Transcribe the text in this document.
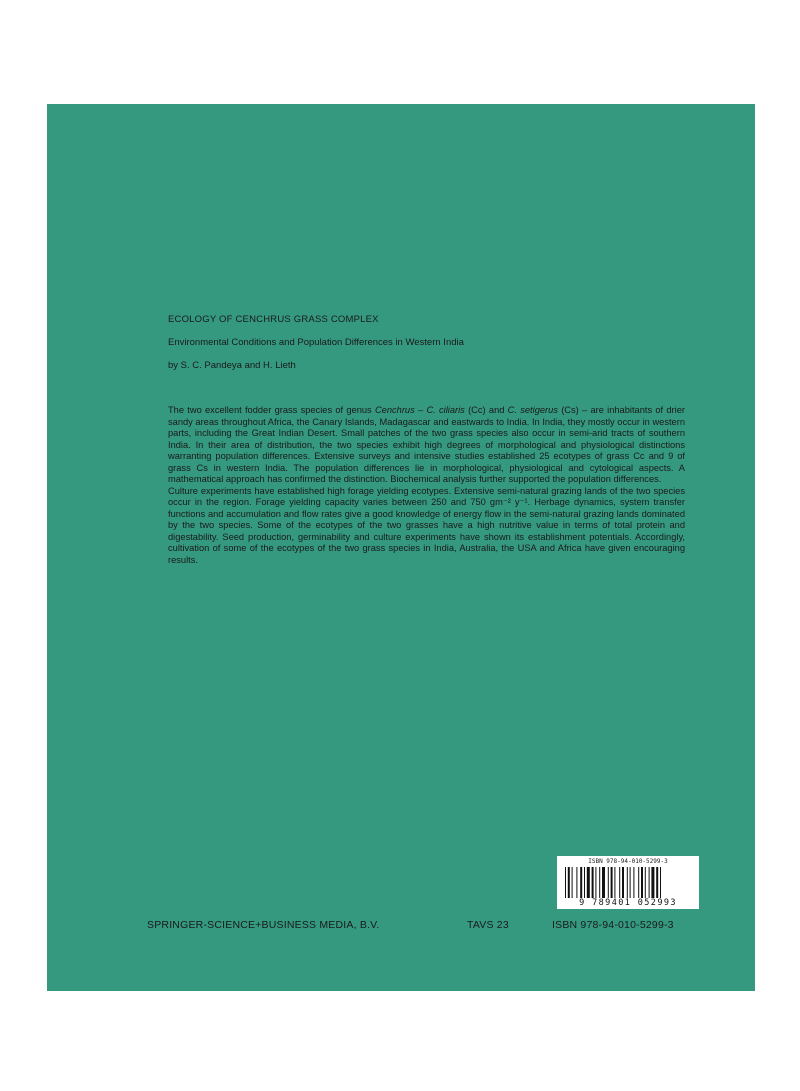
ECOLOGY OF CENCHRUS GRASS COMPLEX
Environmental Conditions and Population Differences in Western India
by S. C. Pandeya and H. Lieth

The two excellent fodder grass species of genus Cenchrus – C. ciliaris (Cc) and C. setigerus (Cs) – are inhabitants of drier sandy areas throughout Africa, the Canary Islands, Madagascar and eastwards to India. In India, they mostly occur in western parts, including the Great Indian Desert. Small patches of the two grass species also occur in semi-arid tracts of southern India. In their area of distribution, the two species exhibit high degrees of morphological and physiological distinctions warranting population differences. Extensive surveys and intensive studies established 25 ecotypes of grass Cc and 9 of grass Cs in western India. The population differences lie in morphological, physiological and cytological aspects. A mathematical approach has confirmed the distinction. Biochemical analysis further supported the population differences.

Culture experiments have established high forage yielding ecotypes. Extensive semi-natural grazing lands of the two species occur in the region. Forage yielding capacity varies between 250 and 750 gm⁻² y⁻¹. Herbage dynamics, system transfer functions and accumulation and flow rates give a good knowledge of energy flow in the semi-natural grazing lands dominated by the two species. Some of the ecotypes of the two grasses have a high nutritive value in terms of total protein and digestability. Seed production, germinability and culture experiments have shown its establishment potentials. Accordingly, cultivation of some of the ecotypes of the two grass species in India, Australia, the USA and Africa have given encouraging results.

ISBN 978-94-010-5299-3
9 789401 052993
SPRINGER-SCIENCE+BUSINESS MEDIA, B.V.	TAVS 23	ISBN 978-94-010-5299-3
